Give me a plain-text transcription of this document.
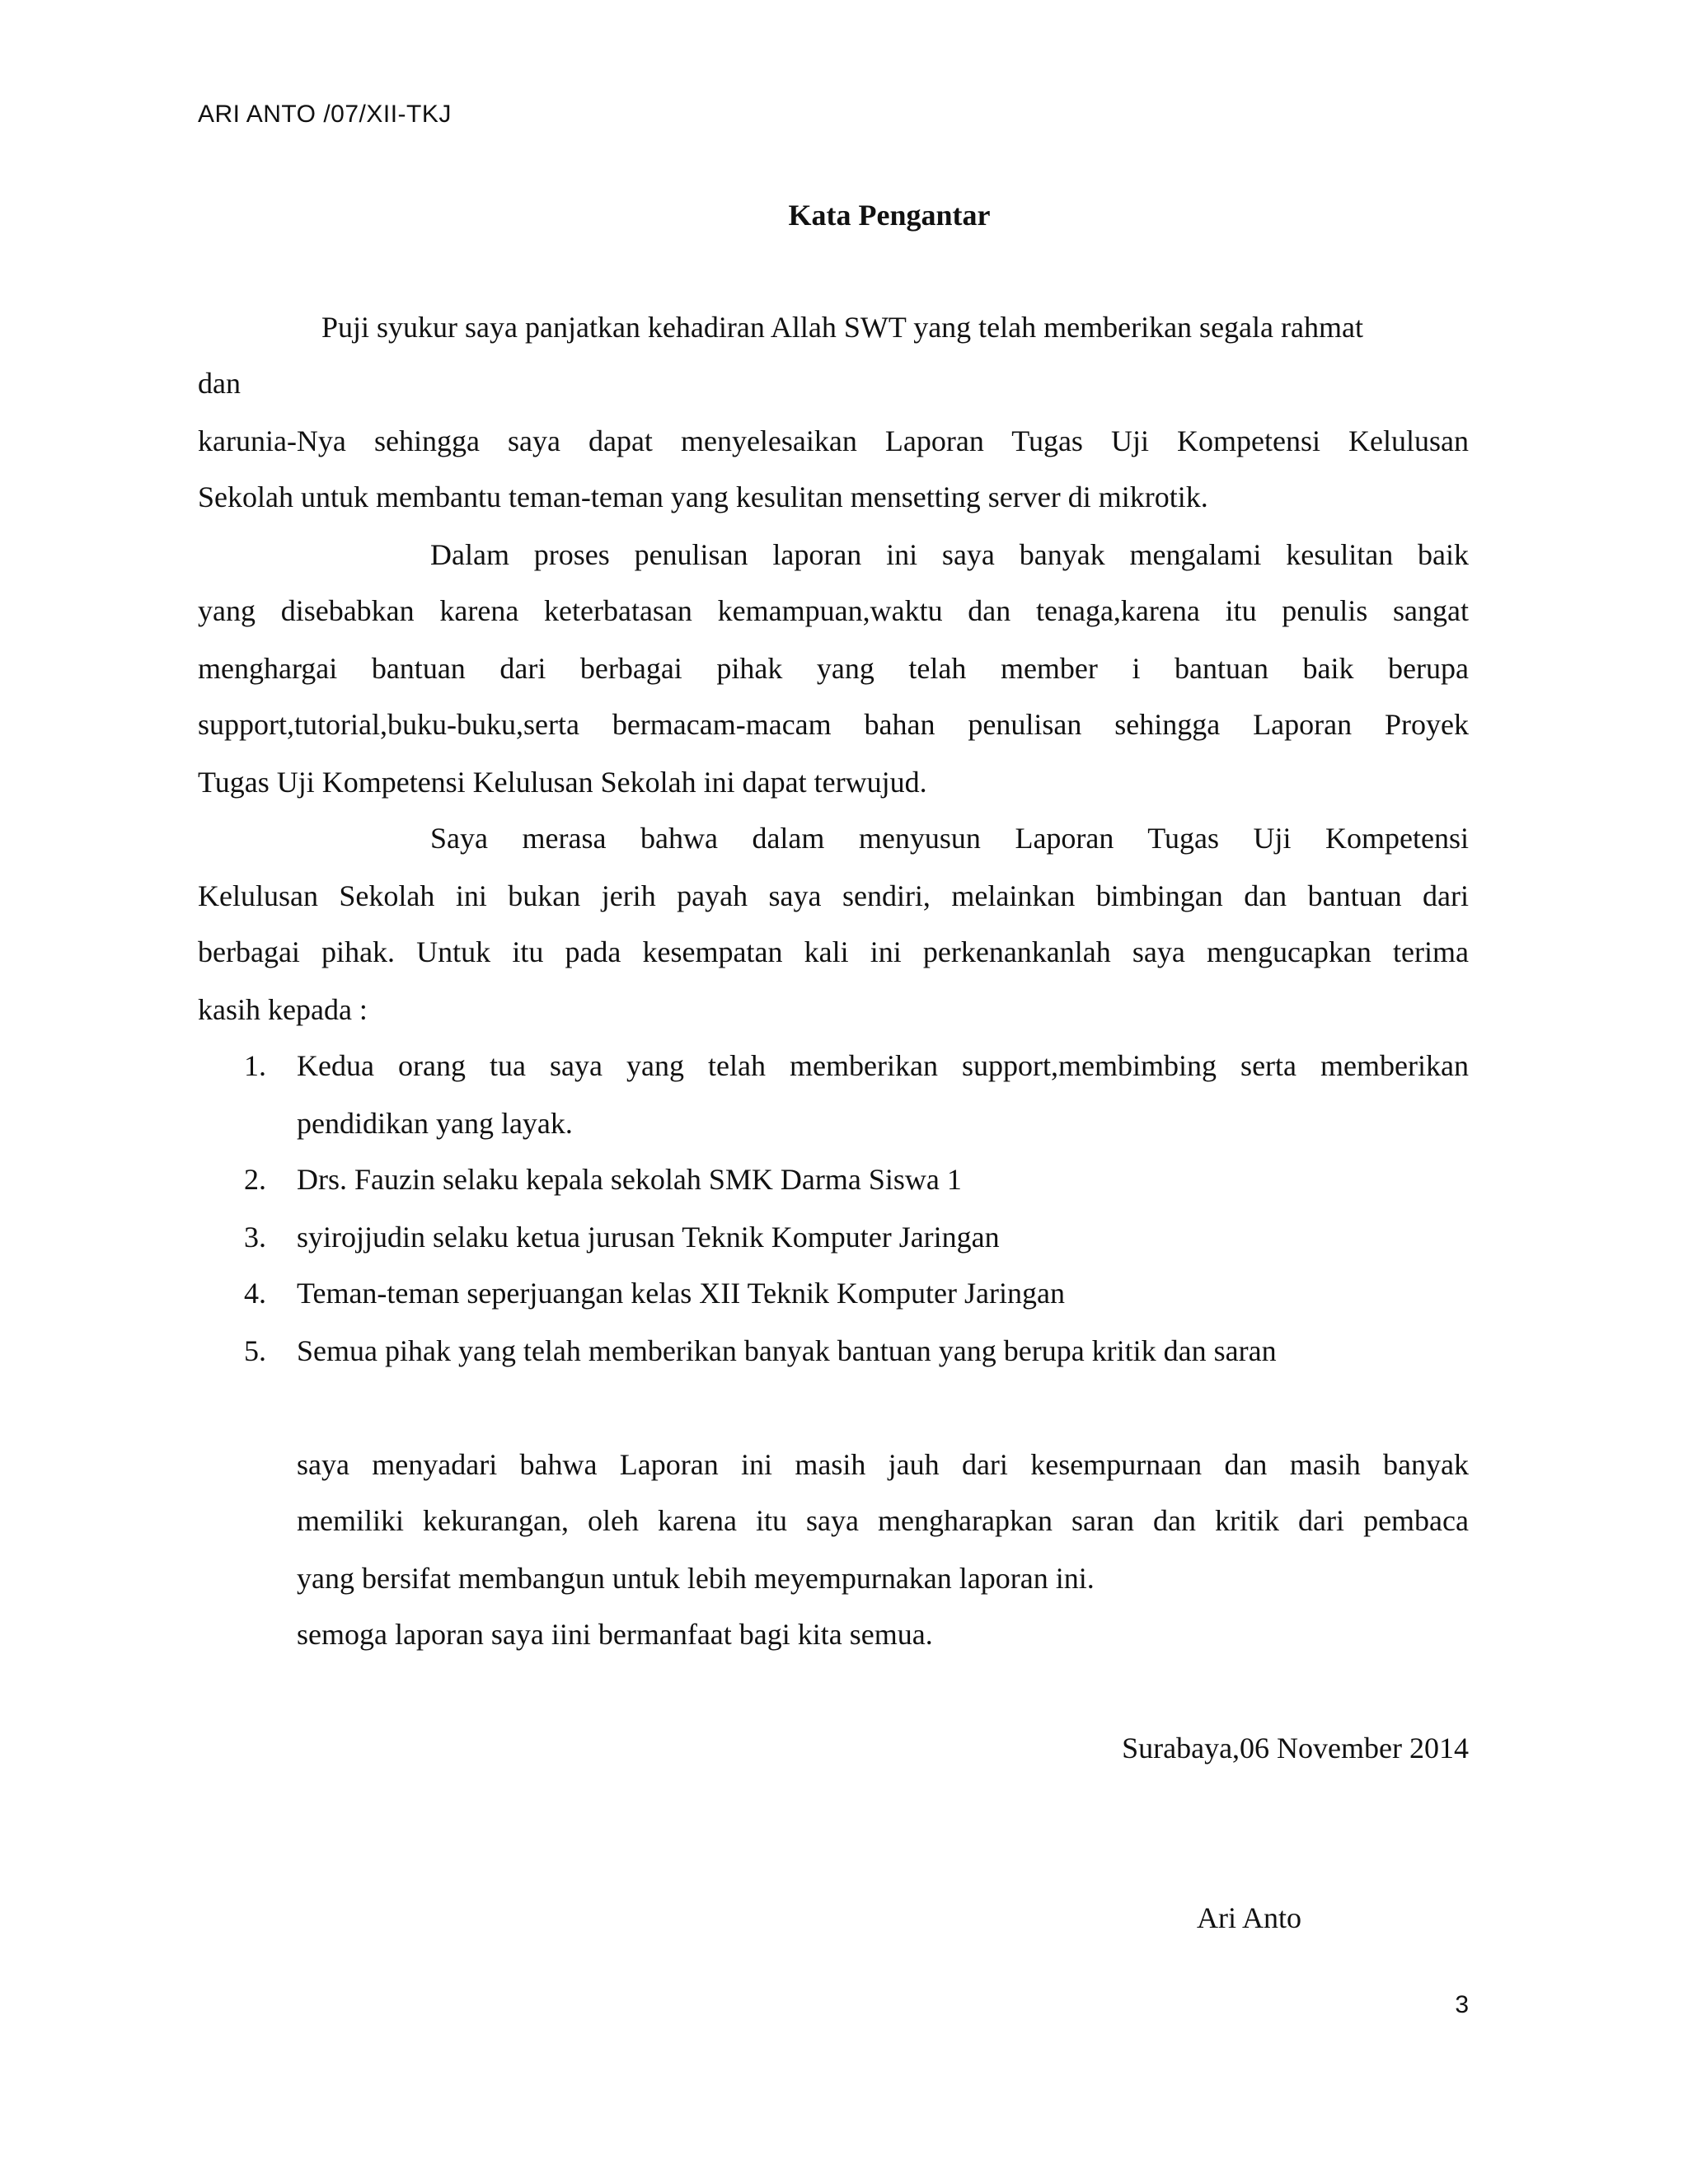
ARI ANTO /07/XII-TKJ
Kata Pengantar
Puji syukur saya panjatkan kehadiran Allah SWT yang telah memberikan segala rahmat
dan
karunia-Nya sehingga saya dapat menyelesaikan Laporan Tugas Uji Kompetensi Kelulusan
Sekolah untuk membantu teman-teman yang kesulitan mensetting server di mikrotik.
Dalam proses penulisan laporan ini saya banyak mengalami kesulitan baik
yang disebabkan karena keterbatasan kemampuan,waktu dan tenaga,karena itu penulis sangat
menghargai bantuan dari berbagai pihak yang telah member i bantuan baik berupa
support,tutorial,buku-buku,serta bermacam-macam bahan penulisan sehingga Laporan Proyek
Tugas Uji Kompetensi Kelulusan Sekolah ini dapat terwujud.
Saya merasa bahwa dalam menyusun Laporan Tugas Uji Kompetensi
Kelulusan Sekolah ini bukan jerih payah saya sendiri, melainkan bimbingan dan bantuan dari
berbagai pihak. Untuk itu pada kesempatan kali ini perkenankanlah saya mengucapkan terima
kasih kepada :
1. Kedua orang tua saya yang telah memberikan support,membimbing serta memberikan
pendidikan yang layak.
2. Drs. Fauzin selaku kepala sekolah SMK Darma Siswa 1
3. syirojjudin selaku ketua jurusan Teknik Komputer Jaringan
4. Teman-teman seperjuangan kelas XII Teknik Komputer Jaringan
5. Semua pihak yang telah memberikan banyak bantuan yang berupa kritik dan saran
saya menyadari bahwa Laporan ini masih jauh dari kesempurnaan dan masih banyak
memiliki kekurangan, oleh karena itu saya mengharapkan saran dan kritik dari pembaca
yang bersifat membangun untuk lebih meyempurnakan laporan ini.
semoga laporan saya iini bermanfaat bagi kita semua.
Surabaya,06 November 2014
Ari Anto
3
